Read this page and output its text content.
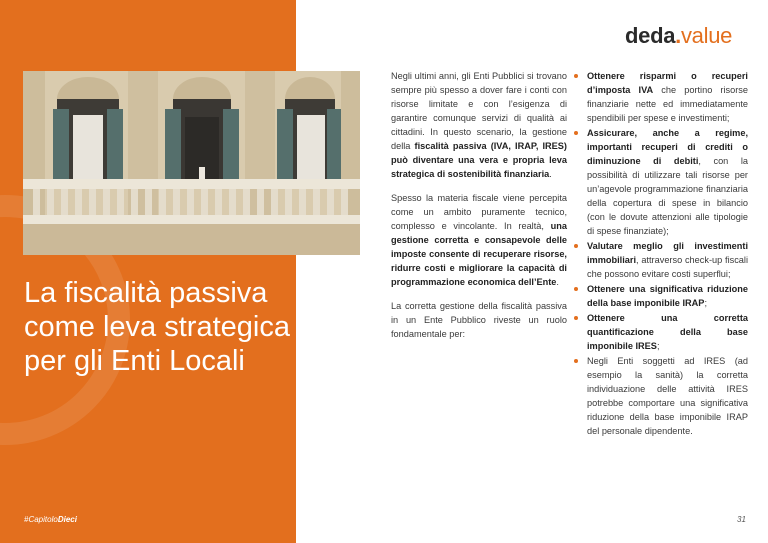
La fiscalità passiva come leva strategica per gli Enti Locali
#CapitoloDieci
deda.value

Negli ultimi anni, gli Enti Pubblici si trovano sempre più spesso a dover fare i conti con risorse limitate e con l’esigenza di garantire comunque servizi di qualità ai cittadini. In questo scenario, la gestione della fiscalità passiva (IVA, IRAP, IRES) può diventare una vera e propria leva strategica di sostenibilità finanziaria.

Spesso la materia fiscale viene percepita come un ambito puramente tecnico, complesso e vincolante. In realtà, una gestione corretta e consapevole delle imposte consente di recuperare risorse, ridurre costi e migliorare la capacità di programmazione economica dell’Ente.

La corretta gestione della fiscalità passiva in un Ente Pubblico riveste un ruolo fondamentale per:

Ottenere risparmi o recuperi d’imposta IVA che portino risorse finanziarie nette ed immediatamente spendibili per spese e investimenti;
Assicurare, anche a regime, importanti recuperi di crediti o diminuzione di debiti, con la possibilità di utilizzare tali risorse per un’agevole programmazione finanziaria della copertura di spese in bilancio (con le dovute attenzioni alle tipologie di spese finanziate);
Valutare meglio gli investimenti immobiliari, attraverso check-up fiscali che possono evitare costi superflui;
Ottenere una significativa riduzione della base imponibile IRAP;
Ottenere una corretta quantificazione della base imponibile IRES;
Negli Enti soggetti ad IRES (ad esempio la sanità) la corretta individuazione delle attività IRES potrebbe comportare una significativa riduzione della base imponibile IRAP del personale dipendente.
31
